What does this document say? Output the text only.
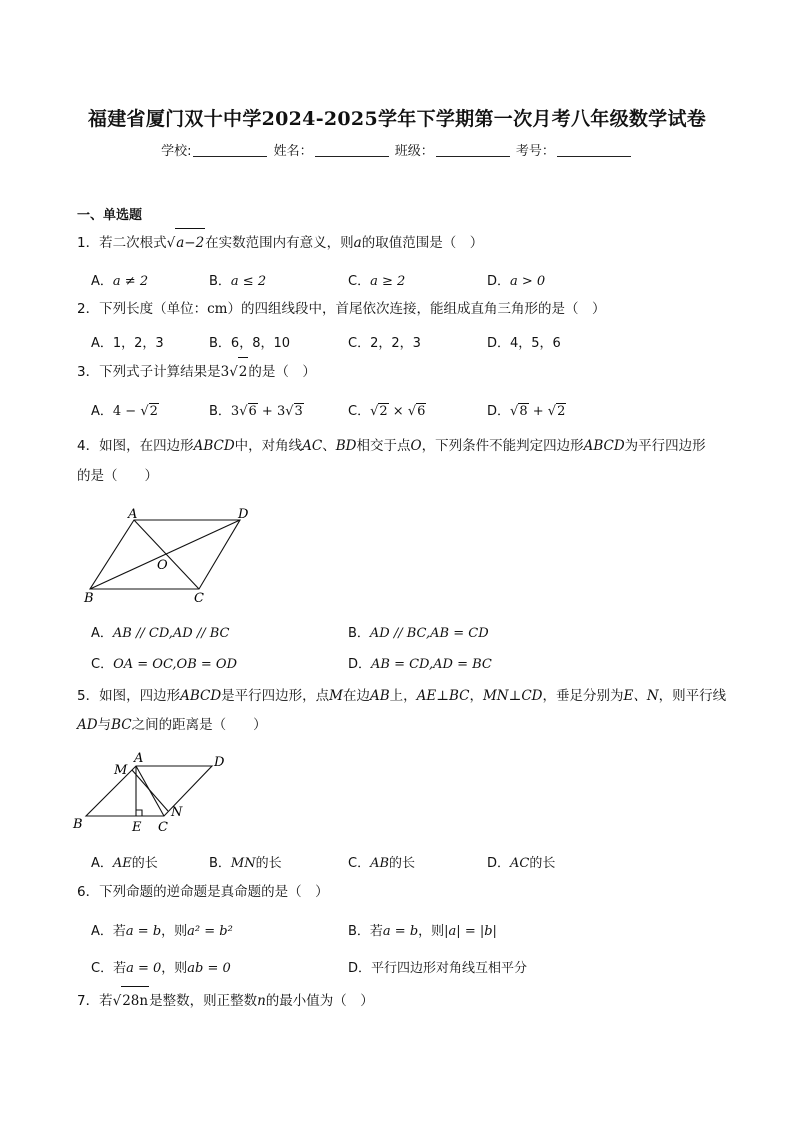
福建省厦门双十中学2024-2025学年下学期第一次月考八年级数学试卷
学校:	姓名：	班级：	考号：
一、单选题
1．若二次根式√a−2在实数范围内有意义，则a的取值范围是（　）
A．a ≠ 2	B．a ≤ 2	C．a ≥ 2	D．a > 0
2．下列长度（单位：cm）的四组线段中，首尾依次连接，能组成直角三角形的是（　）
A．1，2，3	B．6，8，10	C．2，2，3	D．4，5，6
3．下列式子计算结果是3√2的是（　）
A．4 − √2	B．3√6 + 3√3	C．√2 × √6	D．√8 + √2
4．如图，在四边形ABCD中，对角线AC、BD相交于点O，下列条件不能判定四边形ABCD为平行四边形
的是（　　）
A	D
O
B	C
A．AB // CD,AD // BC	B．AD // BC,AB = CD
C．OA = OC,OB = OD	D．AB = CD,AD = BC
5．如图，四边形ABCD是平行四边形，点M在边AB上，AE⊥BC，MN⊥CD，垂足分别为E、N，则平行线
AD与BC之间的距离是（　　）
A
M
D
B	E C
N
A．AE的长	B．MN的长	C．AB的长	D．AC的长
6．下列命题的逆命题是真命题的是（　）
A．若a = b，则a² = b²	B．若a = b，则|a| = |b|
C．若a = 0，则ab = 0	D．平行四边形对角线互相平分
7．若√28n是整数，则正整数n的最小值为（　）
